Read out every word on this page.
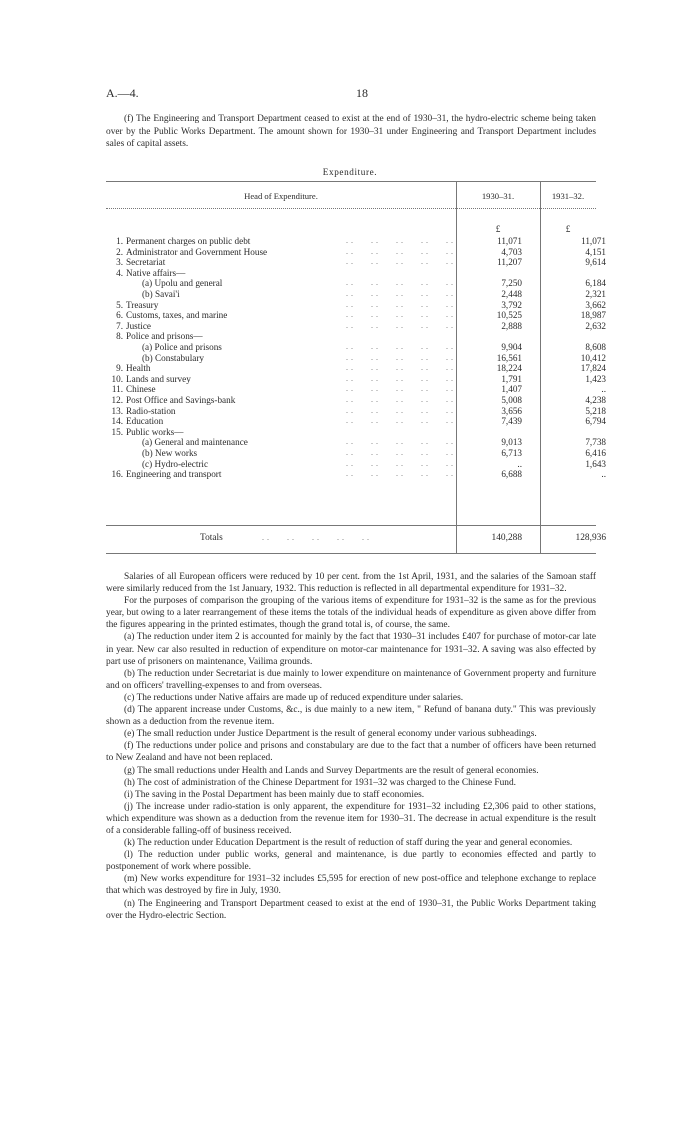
A.—4.	18
(f) The Engineering and Transport Department ceased to exist at the end of 1930–31, the hydro-electric scheme being taken over by the Public Works Department. The amount shown for 1930–31 under Engineering and Transport Department includes sales of capital assets.
Expenditure.
Head of Expenditure.	1930–31.	1931–32.
£	£
1. Permanent charges on public debt	..   ..   ..   ..   ..	11,071	11,071
2. Administrator and Government House	..   ..   ..   ..   ..	4,703	4,151
3. Secretariat	..   ..   ..   ..   ..	11,207	9,614
4. Native affairs—
(a) Upolu and general	..   ..   ..   ..   ..	7,250	6,184
(b) Savai'i	..   ..   ..   ..   ..	2,448	2,321
5. Treasury	..   ..   ..   ..   ..	3,792	3,662
6. Customs, taxes, and marine	..   ..   ..   ..   ..	10,525	18,987
7. Justice	..   ..   ..   ..   ..	2,888	2,632
8. Police and prisons—
(a) Police and prisons	..   ..   ..   ..   ..	9,904	8,608
(b) Constabulary	..   ..   ..   ..   ..	16,561	10,412
9. Health	..   ..   ..   ..   ..	18,224	17,824
10. Lands and survey	..   ..   ..   ..   ..	1,791	1,423
11. Chinese	..   ..   ..   ..   ..	1,407	..
12. Post Office and Savings-bank	..   ..   ..   ..   ..	5,008	4,238
13. Radio-station	..   ..   ..   ..   ..	3,656	5,218
14. Education	..   ..   ..   ..   ..	7,439	6,794
15. Public works—
(a) General and maintenance	..   ..   ..   ..   ..	9,013	7,738
(b) New works	..   ..   ..   ..   ..	6,713	6,416
(c) Hydro-electric	..   ..   ..   ..   ..	..	1,643
16. Engineering and transport	..   ..   ..   ..   ..	6,688	..
Totals	..   ..   ..   ..   ..	140,288	128,936

Salaries of all European officers were reduced by 10 per cent. from the 1st April, 1931, and the salaries of the Samoan staff were similarly reduced from the 1st January, 1932. This reduction is reflected in all departmental expenditure for 1931–32.

For the purposes of comparison the grouping of the various items of expenditure for 1931–32 is the same as for the previous year, but owing to a later rearrangement of these items the totals of the individual heads of expenditure as given above differ from the figures appearing in the printed estimates, though the grand total is, of course, the same.

(a) The reduction under item 2 is accounted for mainly by the fact that 1930–31 includes £407 for purchase of motor-car late in year. New car also resulted in reduction of expenditure on motor-car maintenance for 1931–32. A saving was also effected by part use of prisoners on maintenance, Vailima grounds.

(b) The reduction under Secretariat is due mainly to lower expenditure on maintenance of Government property and furniture and on officers' travelling-expenses to and from overseas.

(c) The reductions under Native affairs are made up of reduced expenditure under salaries.

(d) The apparent increase under Customs, &c., is due mainly to a new item, " Refund of banana duty." This was previously shown as a deduction from the revenue item.

(e) The small reduction under Justice Department is the result of general economy under various subheadings.

(f) The reductions under police and prisons and constabulary are due to the fact that a number of officers have been returned to New Zealand and have not been replaced.

(g) The small reductions under Health and Lands and Survey Departments are the result of general economies.

(h) The cost of administration of the Chinese Department for 1931–32 was charged to the Chinese Fund.

(i) The saving in the Postal Department has been mainly due to staff economies.

(j) The increase under radio-station is only apparent, the expenditure for 1931–32 including £2,306 paid to other stations, which expenditure was shown as a deduction from the revenue item for 1930–31. The decrease in actual expenditure is the result of a considerable falling-off of business received.

(k) The reduction under Education Department is the result of reduction of staff during the year and general economies.

(l) The reduction under public works, general and maintenance, is due partly to economies effected and partly to postponement of work where possible.

(m) New works expenditure for 1931–32 includes £5,595 for erection of new post-office and telephone exchange to replace that which was destroyed by fire in July, 1930.

(n) The Engineering and Transport Department ceased to exist at the end of 1930–31, the Public Works Department taking over the Hydro-electric Section.
